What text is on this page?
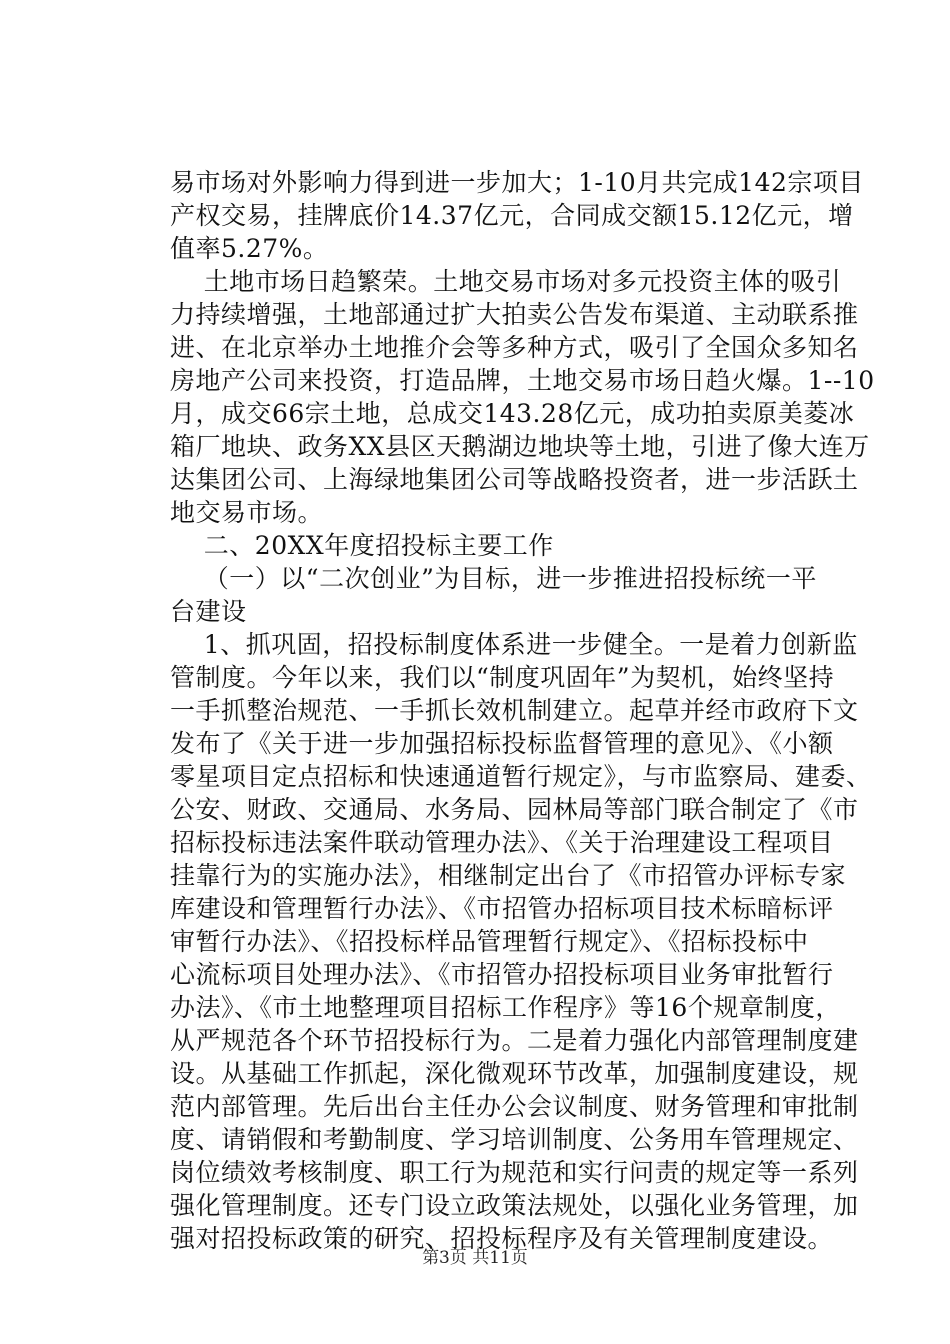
易市场对外影响力得到进一步加大；1-10月共完成142宗项目
产权交易，挂牌底价14.37亿元，合同成交额15.12亿元，增
值率5.27%。
土地市场日趋繁荣。土地交易市场对多元投资主体的吸引
力持续增强，土地部通过扩大拍卖公告发布渠道、主动联系推
进、在北京举办土地推介会等多种方式，吸引了全国众多知名
房地产公司来投资，打造品牌，土地交易市场日趋火爆。1--10
月，成交66宗土地，总成交143.28亿元，成功拍卖原美菱冰
箱厂地块、政务XX县区天鹅湖边地块等土地，引进了像大连万
达集团公司、上海绿地集团公司等战略投资者，进一步活跃土
地交易市场。
二、20XX年度招投标主要工作
（一）以“二次创业”为目标，进一步推进招投标统一平
台建设
1、抓巩固，招投标制度体系进一步健全。一是着力创新监
管制度。今年以来，我们以“制度巩固年”为契机，始终坚持
一手抓整治规范、一手抓长效机制建立。起草并经市政府下文
发布了《关于进一步加强招标投标监督管理的意见》、《小额
零星项目定点招标和快速通道暂行规定》，与市监察局、建委、
公安、财政、交通局、水务局、园林局等部门联合制定了《市
招标投标违法案件联动管理办法》、《关于治理建设工程项目
挂靠行为的实施办法》，相继制定出台了《市招管办评标专家
库建设和管理暂行办法》、《市招管办招标项目技术标暗标评
审暂行办法》、《招投标样品管理暂行规定》、《招标投标中
心流标项目处理办法》、《市招管办招投标项目业务审批暂行
办法》、《市土地整理项目招标工作程序》等16个规章制度，
从严规范各个环节招投标行为。二是着力强化内部管理制度建
设。从基础工作抓起，深化微观环节改革，加强制度建设，规
范内部管理。先后出台主任办公会议制度、财务管理和审批制
度、请销假和考勤制度、学习培训制度、公务用车管理规定、
岗位绩效考核制度、职工行为规范和实行问责的规定等一系列
强化管理制度。还专门设立政策法规处，以强化业务管理，加
强对招投标政策的研究、招投标程序及有关管理制度建设。
第3页 共11页
